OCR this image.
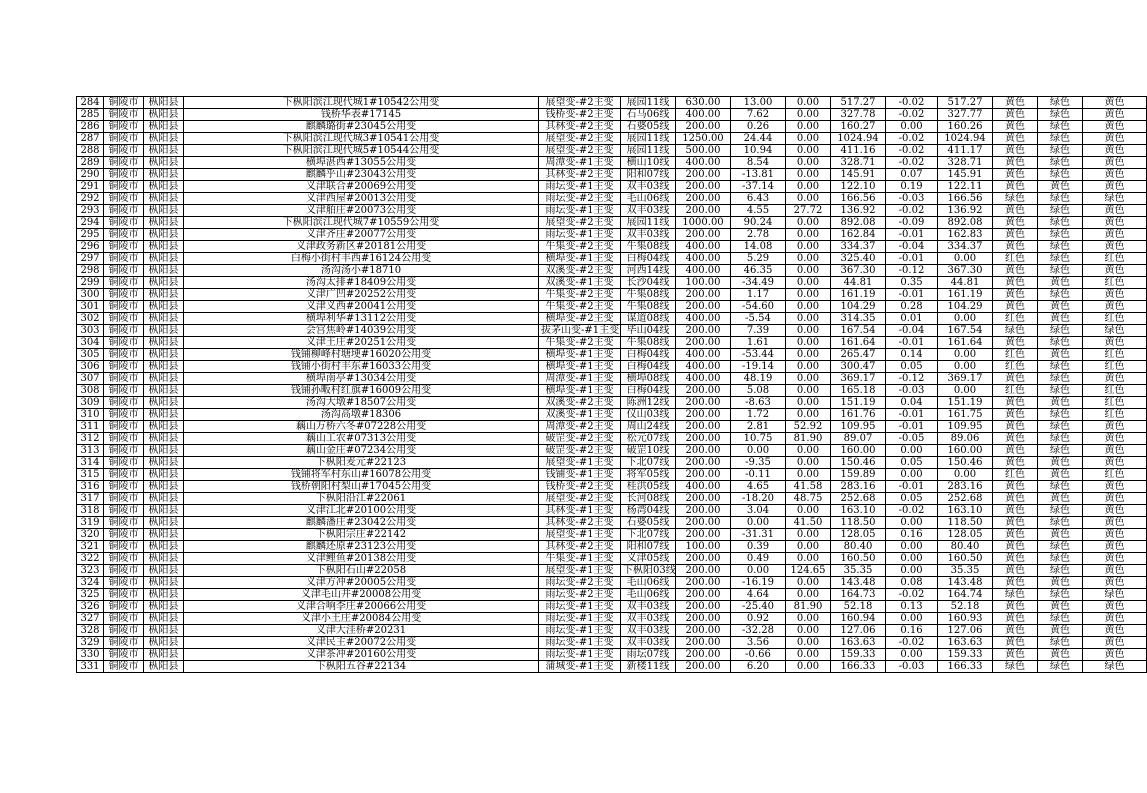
284	铜陵市	枞阳县	下枞阳滨江现代城1#10542公用变	展望变-#2主变	展园11线	630.00	13.00	0.00	517.27	-0.02	517.27	黄色	绿色	黄色
285	铜陵市	枞阳县	钱桥华表#17145	钱桥变-#2主变	石马06线	400.00	7.62	0.00	327.78	-0.02	327.77	黄色	绿色	黄色
286	铜陵市	枞阳县	麒麟璐街#23045公用变	其林变-#2主变	石婆05线	200.00	0.26	0.00	160.27	0.00	160.26	黄色	绿色	黄色
287	铜陵市	枞阳县	下枞阳滨江现代城3#10541公用变	展望变-#2主变	展园11线	1250.00	24.44	0.00	1024.94	-0.02	1024.94	黄色	绿色	黄色
288	铜陵市	枞阳县	下枞阳滨江现代城5#10544公用变	展望变-#2主变	展园11线	500.00	10.94	0.00	411.16	-0.02	411.17	黄色	绿色	黄色
289	铜陵市	枞阳县	横埠湛西#13055公用变	周潭变-#1主变	横山10线	400.00	8.54	0.00	328.71	-0.02	328.71	黄色	绿色	黄色
290	铜陵市	枞阳县	麒麟乎山#23043公用变	其林变-#2主变	阳和07线	200.00	-13.81	0.00	145.91	0.07	145.91	黄色	绿色	黄色
291	铜陵市	枞阳县	义津联合#20069公用变	雨坛变-#1主变	双丰03线	200.00	-37.14	0.00	122.10	0.19	122.11	黄色	黄色	黄色
292	铜陵市	枞阳县	义津西屋#20013公用变	雨坛变-#2主变	毛山06线	200.00	6.43	0.00	166.56	-0.03	166.56	绿色	绿色	绿色
293	铜陵市	枞阳县	义津舶庄#20073公用变	雨坛变-#1主变	双丰03线	200.00	4.55	27.72	136.92	-0.02	136.92	黄色	绿色	黄色
294	铜陵市	枞阳县	下枞阳滨江现代城7#10559公用变	展望变-#2主变	展园11线	1000.00	90.24	0.00	892.08	-0.09	892.08	黄色	绿色	黄色
295	铜陵市	枞阳县	义津齐庄#20077公用变	雨坛变-#1主变	双丰03线	200.00	2.78	0.00	162.84	-0.01	162.83	黄色	绿色	黄色
296	铜陵市	枞阳县	义津政务新区#20181公用变	牛集变-#2主变	牛集08线	400.00	14.08	0.00	334.37	-0.04	334.37	黄色	绿色	黄色
297	铜陵市	枞阳县	白梅小街村丰西#16124公用变	横埠变-#1主变	白梅04线	400.00	5.29	0.00	325.40	-0.01	0.00	红色	绿色	红色
298	铜陵市	枞阳县	汤沟汤小#18710	双溪变-#2主变	河西14线	400.00	46.35	0.00	367.30	-0.12	367.30	黄色	绿色	黄色
299	铜陵市	枞阳县	汤沟太排#18409公用变	双溪变-#1主变	长沙04线	100.00	-34.49	0.00	44.81	0.35	44.81	黄色	黄色	红色
300	铜陵市	枞阳县	义津广凹#20252公用变	牛集变-#2主变	牛集08线	200.00	1.17	0.00	161.19	-0.01	161.19	黄色	绿色	黄色
301	铜陵市	枞阳县	义津义西#20041公用变	牛集变-#2主变	牛集08线	200.00	-54.60	0.00	104.29	0.28	104.29	黄色	黄色	黄色
302	铜陵市	枞阳县	横埠利华#13112公用变	横埠变-#2主变	谋道08线	400.00	-5.54	0.00	314.35	0.01	0.00	红色	黄色	红色
303	铜陵市	枞阳县	会宫焦岭#14039公用变	拔茅山变-#1主变	毕山04线	200.00	7.39	0.00	167.54	-0.04	167.54	绿色	绿色	绿色
304	铜陵市	枞阳县	义津王庄#20251公用变	牛集变-#2主变	牛集08线	200.00	1.61	0.00	161.64	-0.01	161.64	黄色	绿色	黄色
305	铜陵市	枞阳县	钱铺柳峰村塘埂#16020公用变	横埠变-#1主变	白梅04线	400.00	-53.44	0.00	265.47	0.14	0.00	红色	黄色	红色
306	铜陵市	枞阳县	钱铺小街村丰东#16033公用变	横埠变-#1主变	白梅04线	400.00	-19.14	0.00	300.47	0.05	0.00	红色	绿色	红色
307	铜陵市	枞阳县	横埠南亭#13034公用变	周潭变-#1主变	横埠08线	400.00	48.19	0.00	369.17	-0.12	369.17	黄色	绿色	黄色
308	铜陵市	枞阳县	钱铺孙畈村红旗#16009公用变	横埠变-#1主变	白梅04线	200.00	5.08	0.00	165.18	-0.03	0.00	红色	绿色	红色
309	铜陵市	枞阳县	汤沟大墩#18507公用变	双溪变-#2主变	陈洲12线	200.00	-8.63	0.00	151.19	0.04	151.19	黄色	黄色	红色
310	铜陵市	枞阳县	汤沟高墩#18306	双溪变-#1主变	仪山03线	200.00	1.72	0.00	161.76	-0.01	161.75	黄色	绿色	红色
311	铜陵市	枞阳县	藕山万桥六冬#07228公用变	周潭变-#2主变	周山24线	200.00	2.81	52.92	109.95	-0.01	109.95	黄色	绿色	黄色
312	铜陵市	枞阳县	藕山工农#07313公用变	破罡变-#2主变	松元07线	200.00	10.75	81.90	89.07	-0.05	89.06	黄色	绿色	黄色
313	铜陵市	枞阳县	藕山金庄#07234公用变	破罡变-#2主变	破罡10线	200.00	0.00	0.00	160.00	0.00	160.00	黄色	绿色	黄色
314	铜陵市	枞阳县	下枞阳麦元#22123	展望变-#1主变	下北07线	200.00	-9.35	0.00	150.46	0.05	150.46	黄色	黄色	黄色
315	铜陵市	枞阳县	钱铺将军村东山#16078公用变	钱铺变-#1主变	将军05线	200.00	-0.11	0.00	159.89	0.00	0.00	红色	黄色	红色
316	铜陵市	枞阳县	钱桥朝阳村梨山#17045公用变	钱桥变-#2主变	桂洪05线	400.00	4.65	41.58	283.16	-0.01	283.16	黄色	绿色	黄色
317	铜陵市	枞阳县	下枞阳沿江#22061	展望变-#2主变	长河08线	200.00	-18.20	48.75	252.68	0.05	252.68	黄色	黄色	黄色
318	铜陵市	枞阳县	义津江北#20100公用变	其林变-#1主变	杨湾04线	200.00	3.04	0.00	163.10	-0.02	163.10	黄色	绿色	黄色
319	铜陵市	枞阳县	麒麟潘庄#23042公用变	其林变-#2主变	石婆05线	200.00	0.00	41.50	118.50	0.00	118.50	黄色	绿色	黄色
320	铜陵市	枞阳县	下枞阳宗庄#22142	展望变-#1主变	下北07线	200.00	-31.31	0.00	128.05	0.16	128.05	黄色	黄色	黄色
321	铜陵市	枞阳县	麒麟还原#23123公用变	其林变-#2主变	阳和07线	100.00	0.39	0.00	80.40	0.00	80.40	黄色	绿色	黄色
322	铜陵市	枞阳县	义津鲤鱼#20138公用变	牛集变-#1主变	义津05线	200.00	0.49	0.00	160.50	0.00	160.50	黄色	绿色	黄色
323	铜陵市	枞阳县	下枞阳石山#22058	展望变-#1主变	下枞阳03线	200.00	0.00	124.65	35.35	0.00	35.35	黄色	绿色	黄色
324	铜陵市	枞阳县	义津方冲#20005公用变	雨坛变-#2主变	毛山06线	200.00	-16.19	0.00	143.48	0.08	143.48	黄色	黄色	黄色
325	铜陵市	枞阳县	义津毛山井#20008公用变	雨坛变-#2主变	毛山06线	200.00	4.64	0.00	164.73	-0.02	164.74	绿色	绿色	绿色
326	铜陵市	枞阳县	义津合响李庄#20066公用变	雨坛变-#1主变	双丰03线	200.00	-25.40	81.90	52.18	0.13	52.18	黄色	黄色	黄色
327	铜陵市	枞阳县	义津小王庄#20084公用变	雨坛变-#1主变	双丰03线	200.00	0.92	0.00	160.94	0.00	160.93	黄色	绿色	黄色
328	铜陵市	枞阳县	义津大洼桥#20231	雨坛变-#1主变	双丰03线	200.00	-32.28	0.00	127.06	0.16	127.06	黄色	黄色	黄色
329	铜陵市	枞阳县	义津民主#20072公用变	雨坛变-#1主变	双丰03线	200.00	3.56	0.00	163.63	-0.02	163.63	黄色	绿色	黄色
330	铜陵市	枞阳县	义津茶冲#20160公用变	雨坛变-#1主变	雨坛07线	200.00	-0.66	0.00	159.33	0.00	159.33	黄色	黄色	黄色
331	铜陵市	枞阳县	下枞阳五谷#22134	蒲城变-#1主变	新楼11线	200.00	6.20	0.00	166.33	-0.03	166.33	绿色	绿色	绿色
